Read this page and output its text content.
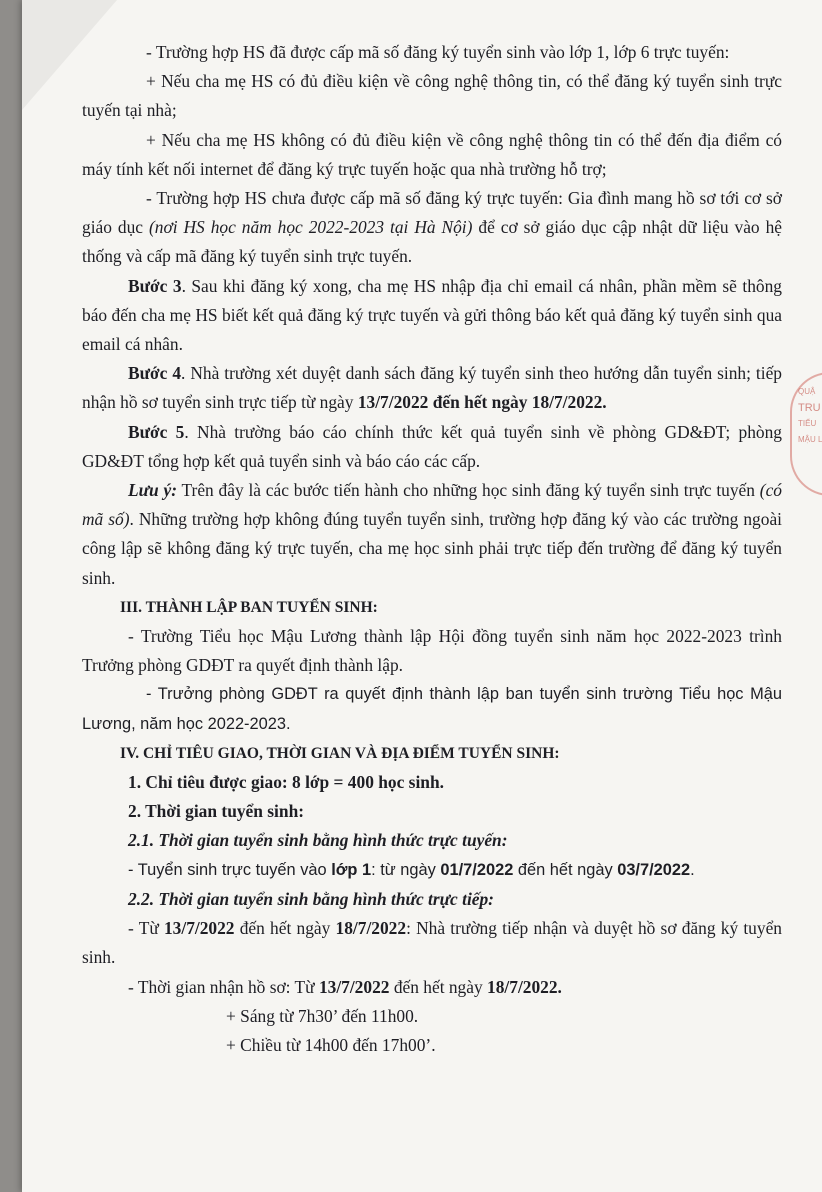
QUẬ
TRU
TIỂU
MẬU L

- Trường hợp HS đã được cấp mã số đăng ký tuyển sinh vào lớp 1, lớp 6 trực tuyến:

+ Nếu cha mẹ HS có đủ điều kiện về công nghệ thông tin, có thể đăng ký tuyển sinh trực tuyến tại nhà;

+ Nếu cha mẹ HS không có đủ điều kiện về công nghệ thông tin có thể đến địa điểm có máy tính kết nối internet để đăng ký trực tuyến hoặc qua nhà trường hỗ trợ;

- Trường hợp HS chưa được cấp mã số đăng ký trực tuyến: Gia đình mang hồ sơ tới cơ sở giáo dục (nơi HS học năm học 2022-2023 tại Hà Nội) để cơ sở giáo dục cập nhật dữ liệu vào hệ thống và cấp mã đăng ký tuyển sinh trực tuyến.

Bước 3. Sau khi đăng ký xong, cha mẹ HS nhập địa chỉ email cá nhân, phần mềm sẽ thông báo đến cha mẹ HS biết kết quả đăng ký trực tuyến và gửi thông báo kết quả đăng ký tuyển sinh qua email cá nhân.

Bước 4. Nhà trường xét duyệt danh sách đăng ký tuyển sinh theo hướng dẫn tuyển sinh; tiếp nhận hồ sơ tuyển sinh trực tiếp từ ngày 13/7/2022 đến hết ngày 18/7/2022.

Bước 5. Nhà trường báo cáo chính thức kết quả tuyển sinh về phòng GD&ĐT; phòng GD&ĐT tổng hợp kết quả tuyển sinh và báo cáo các cấp.

Lưu ý: Trên đây là các bước tiến hành cho những học sinh đăng ký tuyển sinh trực tuyến (có mã số). Những trường hợp không đúng tuyển tuyển sinh, trường hợp đăng ký vào các trường ngoài công lập sẽ không đăng ký trực tuyến, cha mẹ học sinh phải trực tiếp đến trường để đăng ký tuyển sinh.

III. THÀNH LẬP BAN TUYỂN SINH:

- Trường Tiểu học Mậu Lương thành lập Hội đồng tuyển sinh năm học 2022-2023 trình Trưởng phòng GDĐT ra quyết định thành lập.

- Trưởng phòng GDĐT ra quyết định thành lập ban tuyển sinh trường Tiểu học Mậu Lương, năm học 2022-2023.

IV. CHỈ TIÊU GIAO, THỜI GIAN VÀ ĐỊA ĐIỂM TUYỂN SINH:

1. Chỉ tiêu được giao: 8 lớp = 400 học sinh.

2. Thời gian tuyển sinh:

2.1. Thời gian tuyển sinh bằng hình thức trực tuyến:

- Tuyển sinh trực tuyến vào lớp 1: từ ngày 01/7/2022 đến hết ngày 03/7/2022.

2.2. Thời gian tuyển sinh bằng hình thức trực tiếp:

- Từ 13/7/2022 đến hết ngày 18/7/2022: Nhà trường tiếp nhận và duyệt hồ sơ đăng ký tuyển sinh.

- Thời gian nhận hồ sơ: Từ 13/7/2022 đến hết ngày 18/7/2022.

+ Sáng từ 7h30’ đến 11h00.

+ Chiều từ 14h00 đến 17h00’.
